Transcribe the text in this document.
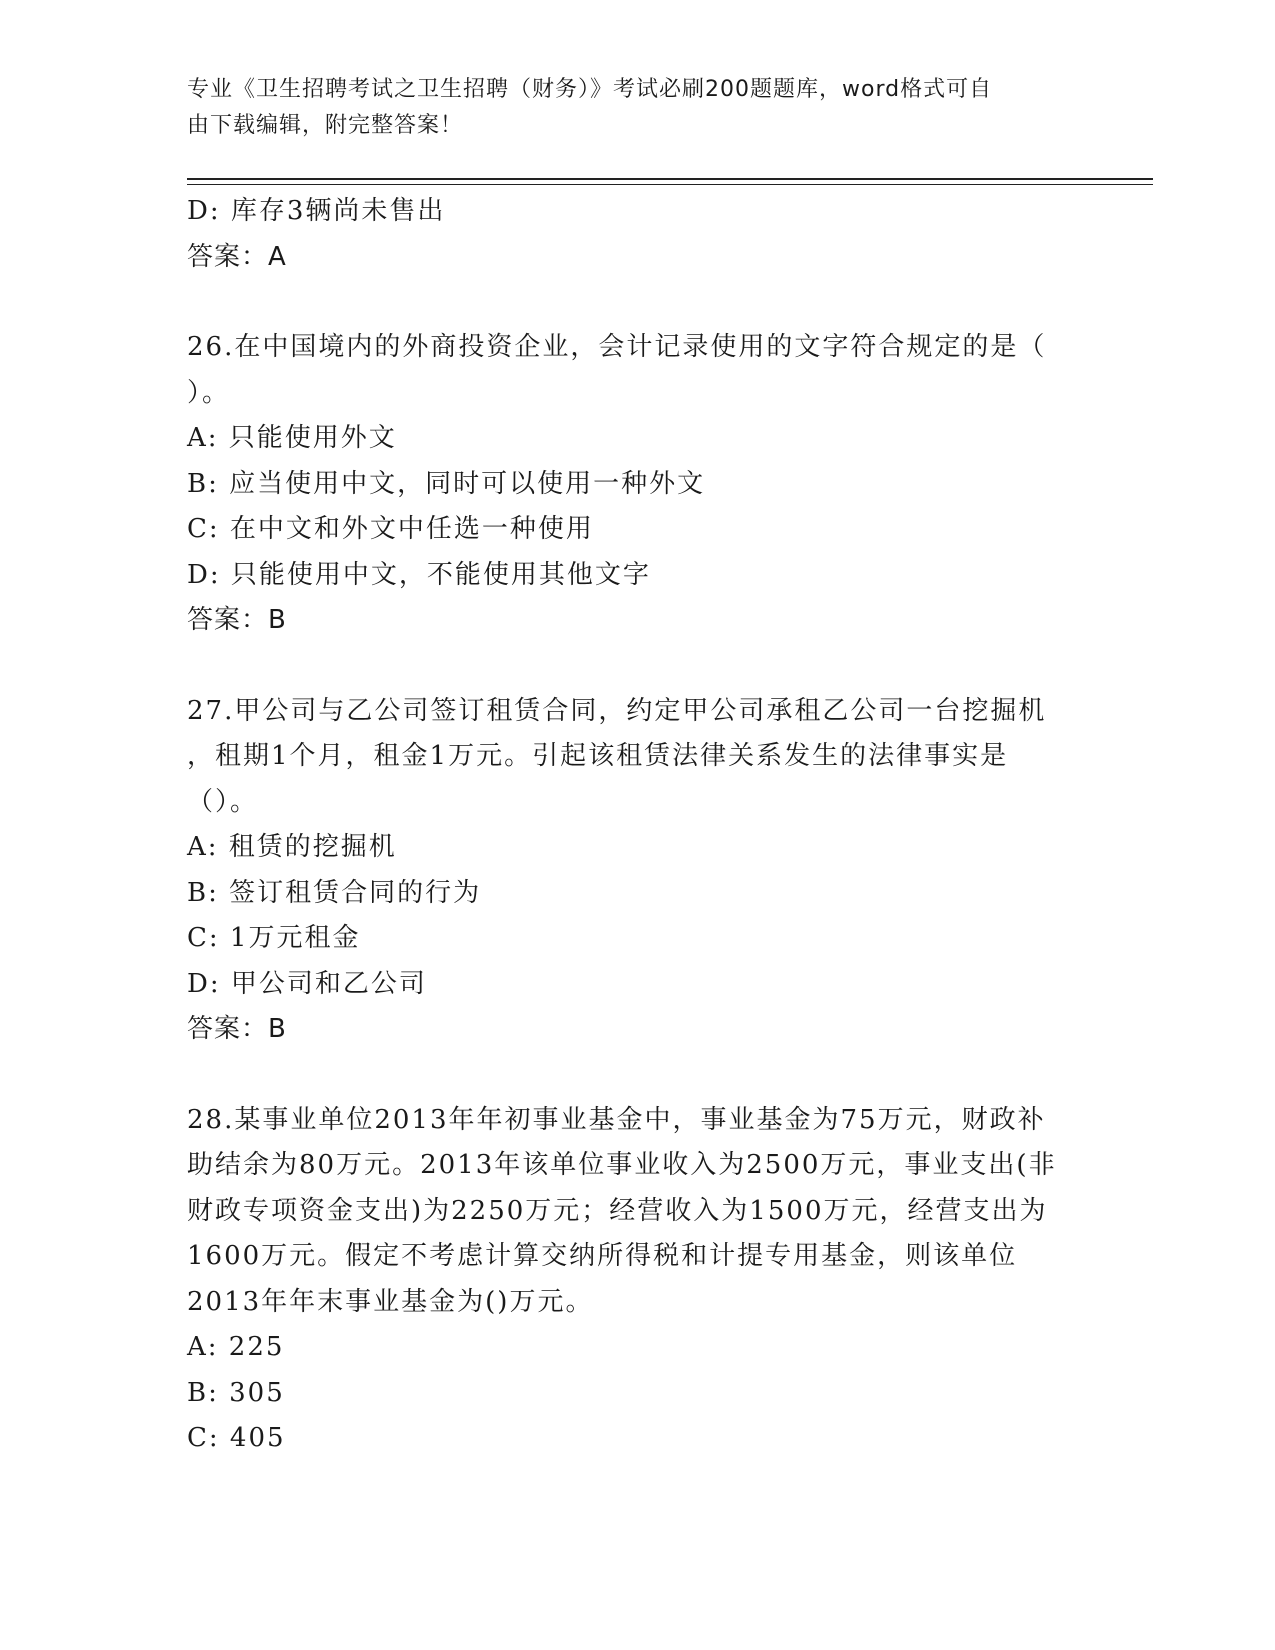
专业《卫生招聘考试之卫生招聘（财务）》考试必刷200题题库，word格式可自
由下载编辑，附完整答案！
D: 库存3辆尚未售出
答案：A
26.在中国境内的外商投资企业，会计记录使用的文字符合规定的是（
）。
A: 只能使用外文
B: 应当使用中文，同时可以使用一种外文
C: 在中文和外文中任选一种使用
D: 只能使用中文，不能使用其他文字
答案：B
27.甲公司与乙公司签订租赁合同，约定甲公司承租乙公司一台挖掘机
，租期1个月，租金1万元。引起该租赁法律关系发生的法律事实是
（）。
A: 租赁的挖掘机
B: 签订租赁合同的行为
C: 1万元租金
D: 甲公司和乙公司
答案：B
28.某事业单位2013年年初事业基金中，事业基金为75万元，财政补
助结余为80万元。2013年该单位事业收入为2500万元，事业支出(非
财政专项资金支出)为2250万元；经营收入为1500万元，经营支出为
1600万元。假定不考虑计算交纳所得税和计提专用基金，则该单位
2013年年末事业基金为()万元。
A: 225
B: 305
C: 405
